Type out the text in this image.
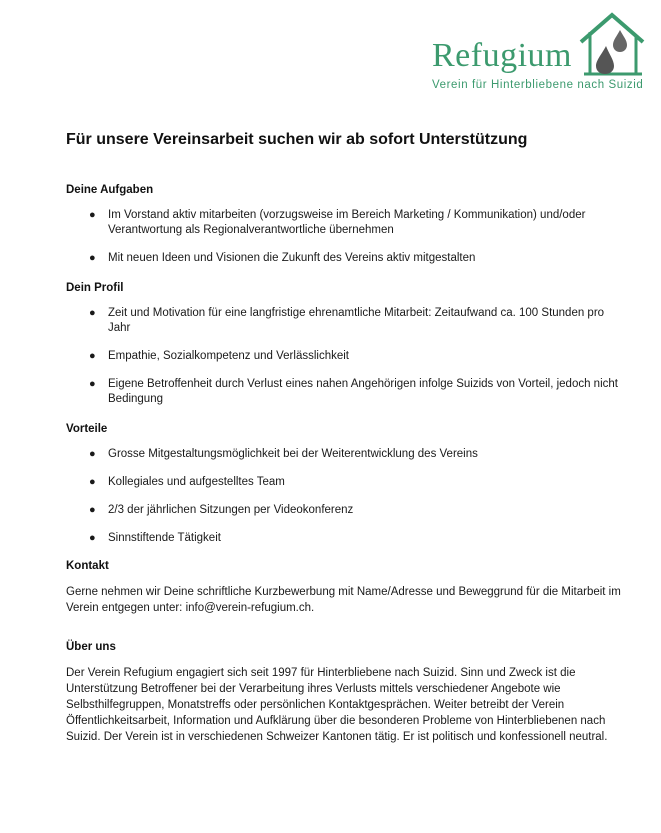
Refugium
Verein für Hinterbliebene nach Suizid
Für unsere Vereinsarbeit suchen wir ab sofort Unterstützung
Deine Aufgaben
● Im Vorstand aktiv mitarbeiten (vorzugsweise im Bereich Marketing / Kommunikation) und/oder Verantwortung als Regionalverantwortliche übernehmen
● Mit neuen Ideen und Visionen die Zukunft des Vereins aktiv mitgestalten
Dein Profil
● Zeit und Motivation für eine langfristige ehrenamtliche Mitarbeit: Zeitaufwand ca. 100 Stunden pro Jahr
● Empathie, Sozialkompetenz und Verlässlichkeit
● Eigene Betroffenheit durch Verlust eines nahen Angehörigen infolge Suizids von Vorteil, jedoch nicht Bedingung
Vorteile
● Grosse Mitgestaltungsmöglichkeit bei der Weiterentwicklung des Vereins
● Kollegiales und aufgestelltes Team
● 2/3 der jährlichen Sitzungen per Videokonferenz
● Sinnstiftende Tätigkeit
Kontakt

Gerne nehmen wir Deine schriftliche Kurzbewerbung mit Name/Adresse und Beweggrund für die Mitarbeit im Verein entgegen unter: info@verein-refugium.ch.

Über uns

Der Verein Refugium engagiert sich seit 1997 für Hinterbliebene nach Suizid. Sinn und Zweck ist die Unterstützung Betroffener bei der Verarbeitung ihres Verlusts mittels verschiedener Angebote wie Selbsthilfegruppen, Monatstreffs oder persönlichen Kontaktgesprächen. Weiter betreibt der Verein Öffentlichkeitsarbeit, Information und Aufklärung über die besonderen Probleme von Hinterbliebenen nach Suizid. Der Verein ist in verschiedenen Schweizer Kantonen tätig. Er ist politisch und konfessionell neutral.
